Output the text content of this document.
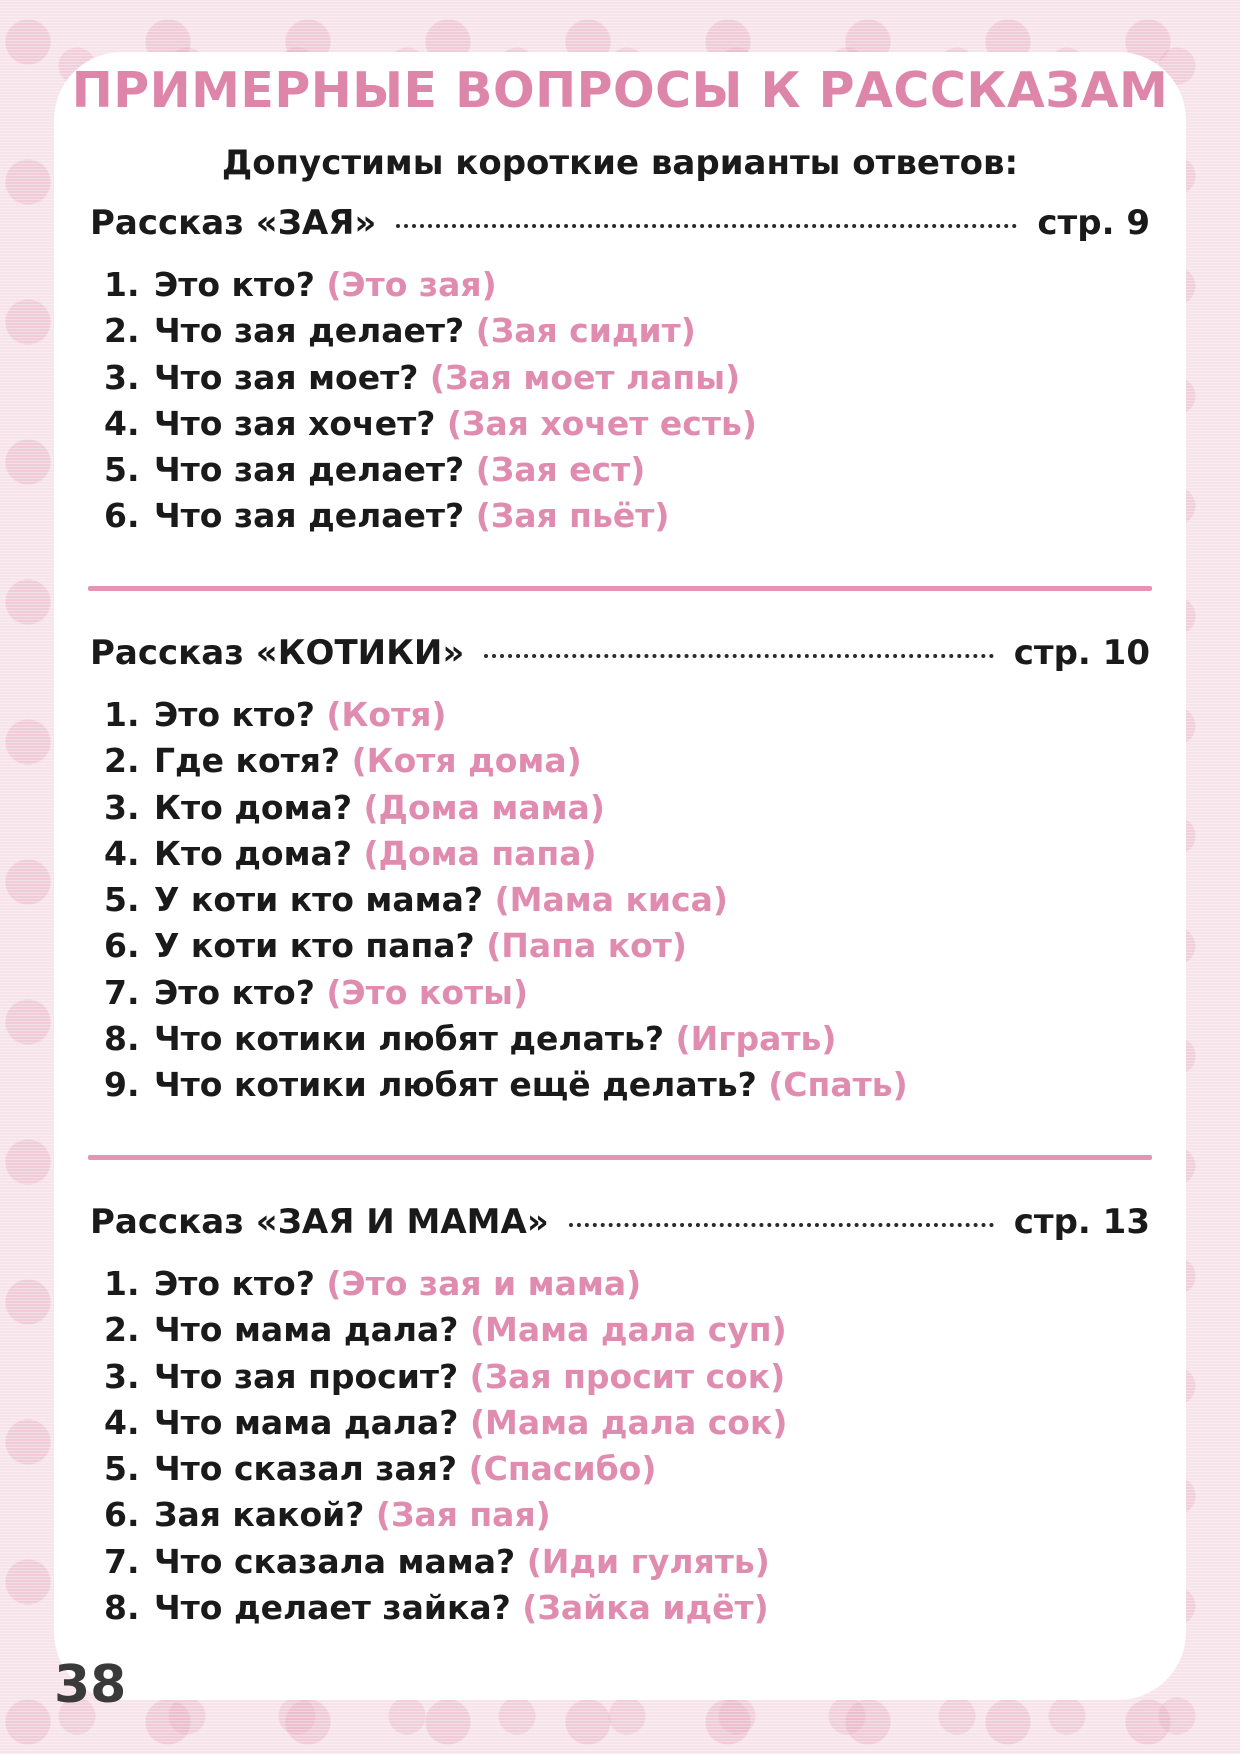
ПРИМЕРНЫЕ ВОПРОСЫ К РАССКАЗАМ
Допустимы короткие варианты ответов:
Рассказ «ЗАЯ»	стр. 9
1. Это кто? (Это зая)
2. Что зая делает? (Зая сидит)
3. Что зая моет? (Зая моет лапы)
4. Что зая хочет? (Зая хочет есть)
5. Что зая делает? (Зая ест)
6. Что зая делает? (Зая пьёт)
Рассказ «КОТИКИ»	стр. 10
1. Это кто? (Котя)
2. Где котя? (Котя дома)
3. Кто дома? (Дома мама)
4. Кто дома? (Дома папа)
5. У коти кто мама? (Мама киса)
6. У коти кто папа? (Папа кот)
7. Это кто? (Это коты)
8. Что котики любят делать? (Играть)
9. Что котики любят ещё делать? (Спать)
Рассказ «ЗАЯ И МАМА»	стр. 13
1. Это кто? (Это зая и мама)
2. Что мама дала? (Мама дала суп)
3. Что зая просит? (Зая просит сок)
4. Что мама дала? (Мама дала сок)
5. Что сказал зая? (Спасибо)
6. Зая какой? (Зая пая)
7. Что сказала мама? (Иди гулять)
8. Что делает зайка? (Зайка идёт)
38
